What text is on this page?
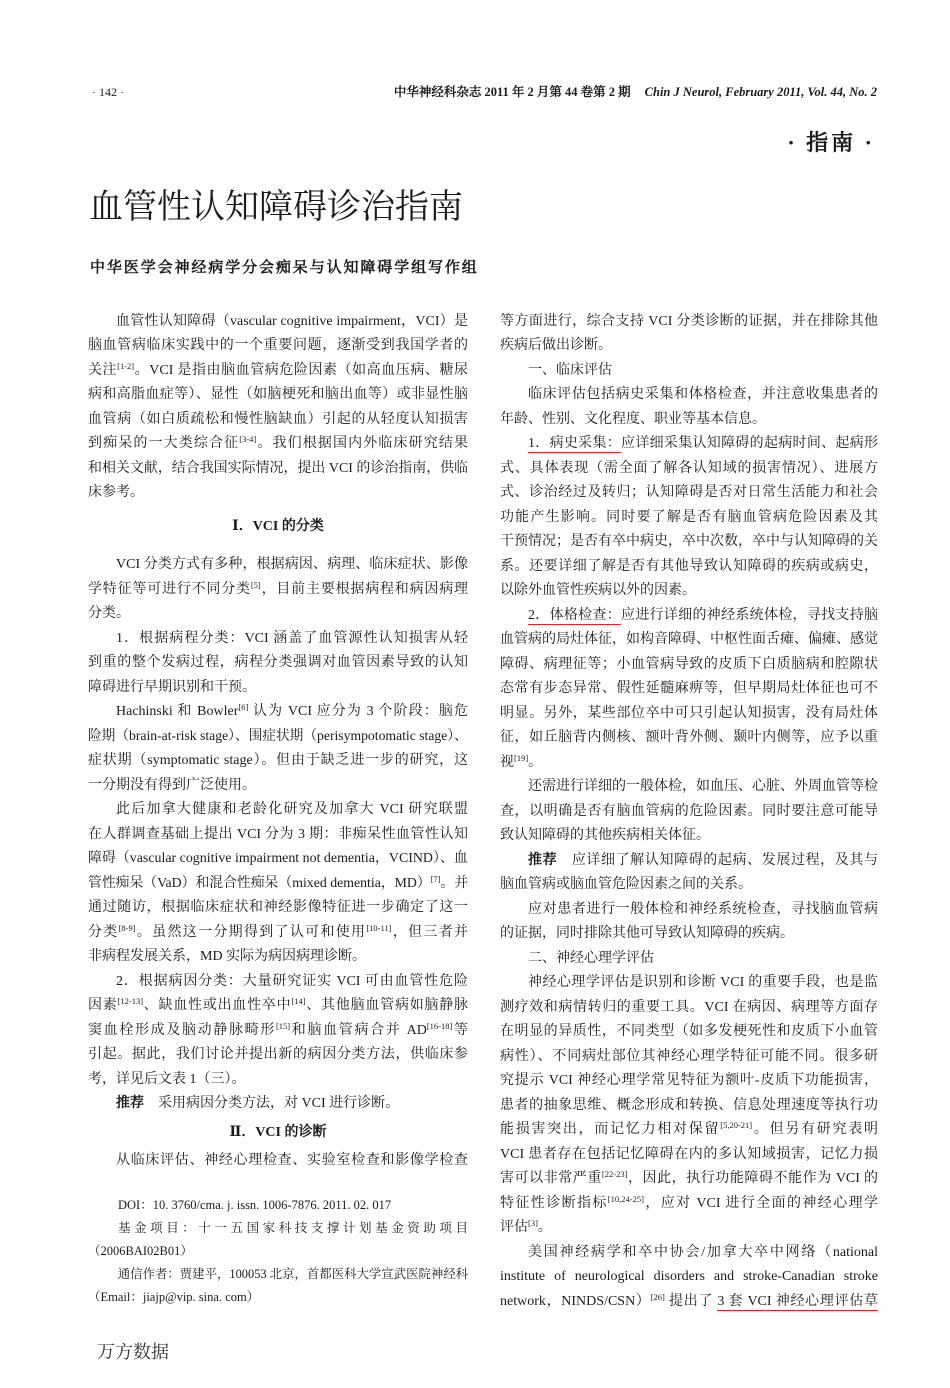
· 142 ·	中华神经科杂志 2011 年 2 月第 44 卷第 2 期 Chin J Neurol, February 2011, Vol. 44, No. 2
· 指南 ·
血管性认知障碍诊治指南
中华医学会神经病学分会痴呆与认知障碍学组写作组
血管性认知障碍（vascular cognitive impairment，VCI）是
脑血管病临床实践中的一个重要问题，逐渐受到我国学者的
关注[1-2]。VCI 是指由脑血管病危险因素（如高血压病、糖尿
病和高脂血症等）、显性（如脑梗死和脑出血等）或非显性脑
血管病（如白质疏松和慢性脑缺血）引起的从轻度认知损害
到痴呆的一大类综合征[3-4]。我们根据国内外临床研究结果
和相关文献，结合我国实际情况，提出 VCI 的诊治指南，供临
床参考。
Ⅰ．VCI 的分类
VCI 分类方式有多种，根据病因、病理、临床症状、影像
学特征等可进行不同分类[5]，目前主要根据病程和病因病理
分类。
1．根据病程分类：VCI 涵盖了血管源性认知损害从轻
到重的整个发病过程，病程分类强调对血管因素导致的认知
障碍进行早期识别和干预。
Hachinski 和 Bowler[6] 认为 VCI 应分为 3 个阶段：脑危
险期（brain-at-risk stage）、围症状期（perisympotomatic stage）、
症状期（symptomatic stage）。但由于缺乏进一步的研究，这
一分期没有得到广泛使用。
此后加拿大健康和老龄化研究及加拿大 VCI 研究联盟
在人群调查基础上提出 VCI 分为 3 期：非痴呆性血管性认知
障碍（vascular cognitive impairment not dementia，VCIND）、血
管性痴呆（VaD）和混合性痴呆（mixed dementia，MD）[7]。并
通过随访，根据临床症状和神经影像特征进一步确定了这一
分类[8-9]。虽然这一分期得到了认可和使用[10-11]，但三者并
非病程发展关系，MD 实际为病因病理诊断。
2．根据病因分类：大量研究证实 VCI 可由血管性危险
因素[12-13]、缺血性或出血性卒中[14]、其他脑血管病如脑静脉
窦血栓形成及脑动静脉畸形[15]和脑血管病合并 AD[16-18]等
引起。据此，我们讨论并提出新的病因分类方法，供临床参
考，详见后文表 1（三）。
推荐　采用病因分类方法，对 VCI 进行诊断。
Ⅱ．VCI 的诊断
从临床评估、神经心理检查、实验室检查和影像学检查
等方面进行，综合支持 VCI 分类诊断的证据，并在排除其他
疾病后做出诊断。
一、临床评估
临床评估包括病史采集和体格检查，并注意收集患者的
年龄、性别、文化程度、职业等基本信息。
1．病史采集：应详细采集认知障碍的起病时间、起病形
式、具体表现（需全面了解各认知域的损害情况）、进展方
式、诊治经过及转归；认知障碍是否对日常生活能力和社会
功能产生影响。同时要了解是否有脑血管病危险因素及其
干预情况；是否有卒中病史，卒中次数，卒中与认知障碍的关
系。还要详细了解是否有其他导致认知障碍的疾病或病史，
以除外血管性疾病以外的因素。
2．体格检查：应进行详细的神经系统体检，寻找支持脑
血管病的局灶体征，如构音障碍、中枢性面舌瘫、偏瘫、感觉
障碍、病理征等；小血管病导致的皮质下白质脑病和腔隙状
态常有步态异常、假性延髓麻痹等，但早期局灶体征也可不
明显。另外，某些部位卒中可只引起认知损害，没有局灶体
征，如丘脑背内侧核、额叶背外侧、颞叶内侧等，应予以重
视[19]。
还需进行详细的一般体检，如血压、心脏、外周血管等检
查，以明确是否有脑血管病的危险因素。同时要注意可能导
致认知障碍的其他疾病相关体征。
推荐　应详细了解认知障碍的起病、发展过程，及其与
脑血管病或脑血管危险因素之间的关系。
应对患者进行一般体检和神经系统检查，寻找脑血管病
的证据，同时排除其他可导致认知障碍的疾病。
二、神经心理学评估
神经心理学评估是识别和诊断 VCI 的重要手段，也是监
测疗效和病情转归的重要工具。VCI 在病因、病理等方面存
在明显的异质性，不同类型（如多发梗死性和皮质下小血管
病性）、不同病灶部位其神经心理学特征可能不同。很多研
究提示 VCI 神经心理学常见特征为额叶-皮质下功能损害，
患者的抽象思维、概念形成和转换、信息处理速度等执行功
能损害突出，而记忆力相对保留[5,20-21]。但另有研究表明
VCI 患者存在包括记忆障碍在内的多认知域损害，记忆力损
害可以非常严重[22-23]，因此，执行功能障碍不能作为 VCI 的
特征性诊断指标[10,24-25]，应对 VCI 进行全面的神经心理学
评估[3]。
美国神经病学和卒中协会/加拿大卒中网络（national
institute of neurological disorders and stroke-Canadian stroke
network，NINDS/CSN）[26] 提出了 3 套 VCI 神经心理评估草
DOI：10. 3760/cma. j. issn. 1006-7876. 2011. 02. 017
基金项目：十一五国家科技支撑计划基金资助项目
（2006BAI02B01）
通信作者：贾建平，100053 北京，首都医科大学宣武医院神经科
（Email：jiajp@vip. sina. com）
万方数据
